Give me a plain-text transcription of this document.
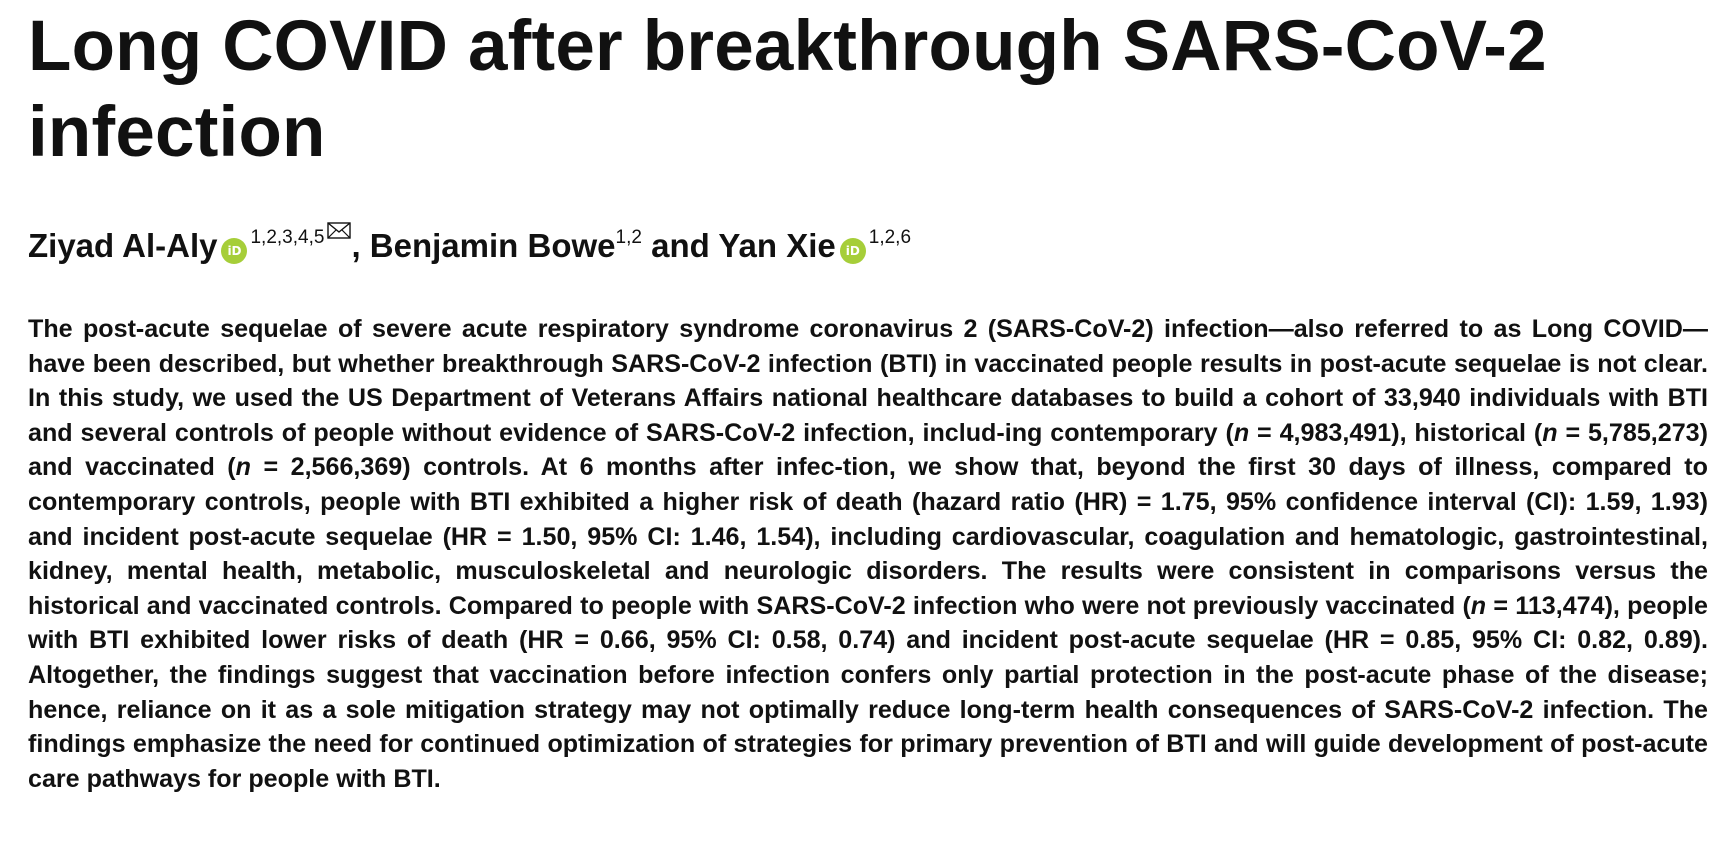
Long COVID after breakthrough SARS-CoV-2 infection

Ziyad Al-Aly iD$^{1,2,3,4,5}$ , Benjamin Bowe$^{1,2}$ and Yan Xie iD$^{1,2,6}$

The post-acute sequelae of severe acute respiratory syndrome coronavirus 2 (SARS-CoV-2) infection—also referred to as Long COVID—have been described, but whether breakthrough SARS-CoV-2 infection (BTI) in vaccinated people results in post-acute sequelae is not clear. In this study, we used the US Department of Veterans Affairs national healthcare databases to build a cohort of 33,940 individuals with BTI and several controls of people without evidence of SARS-CoV-2 infection, includ-ing contemporary (n = 4,983,491), historical (n = 5,785,273) and vaccinated (n = 2,566,369) controls. At 6 months after infec-tion, we show that, beyond the first 30 days of illness, compared to contemporary controls, people with BTI exhibited a higher risk of death (hazard ratio (HR) = 1.75, 95% confidence interval (CI): 1.59, 1.93) and incident post-acute sequelae (HR = 1.50, 95% CI: 1.46, 1.54), including cardiovascular, coagulation and hematologic, gastrointestinal, kidney, mental health, metabolic, musculoskeletal and neurologic disorders. The results were consistent in comparisons versus the historical and vaccinated controls. Compared to people with SARS-CoV-2 infection who were not previously vaccinated (n = 113,474), people with BTI exhibited lower risks of death (HR = 0.66, 95% CI: 0.58, 0.74) and incident post-acute sequelae (HR = 0.85, 95% CI: 0.82, 0.89). Altogether, the findings suggest that vaccination before infection confers only partial protection in the post-acute phase of the disease; hence, reliance on it as a sole mitigation strategy may not optimally reduce long-term health consequences of SARS-CoV-2 infection. The findings emphasize the need for continued optimization of strategies for primary prevention of BTI and will guide development of post-acute care pathways for people with BTI.
